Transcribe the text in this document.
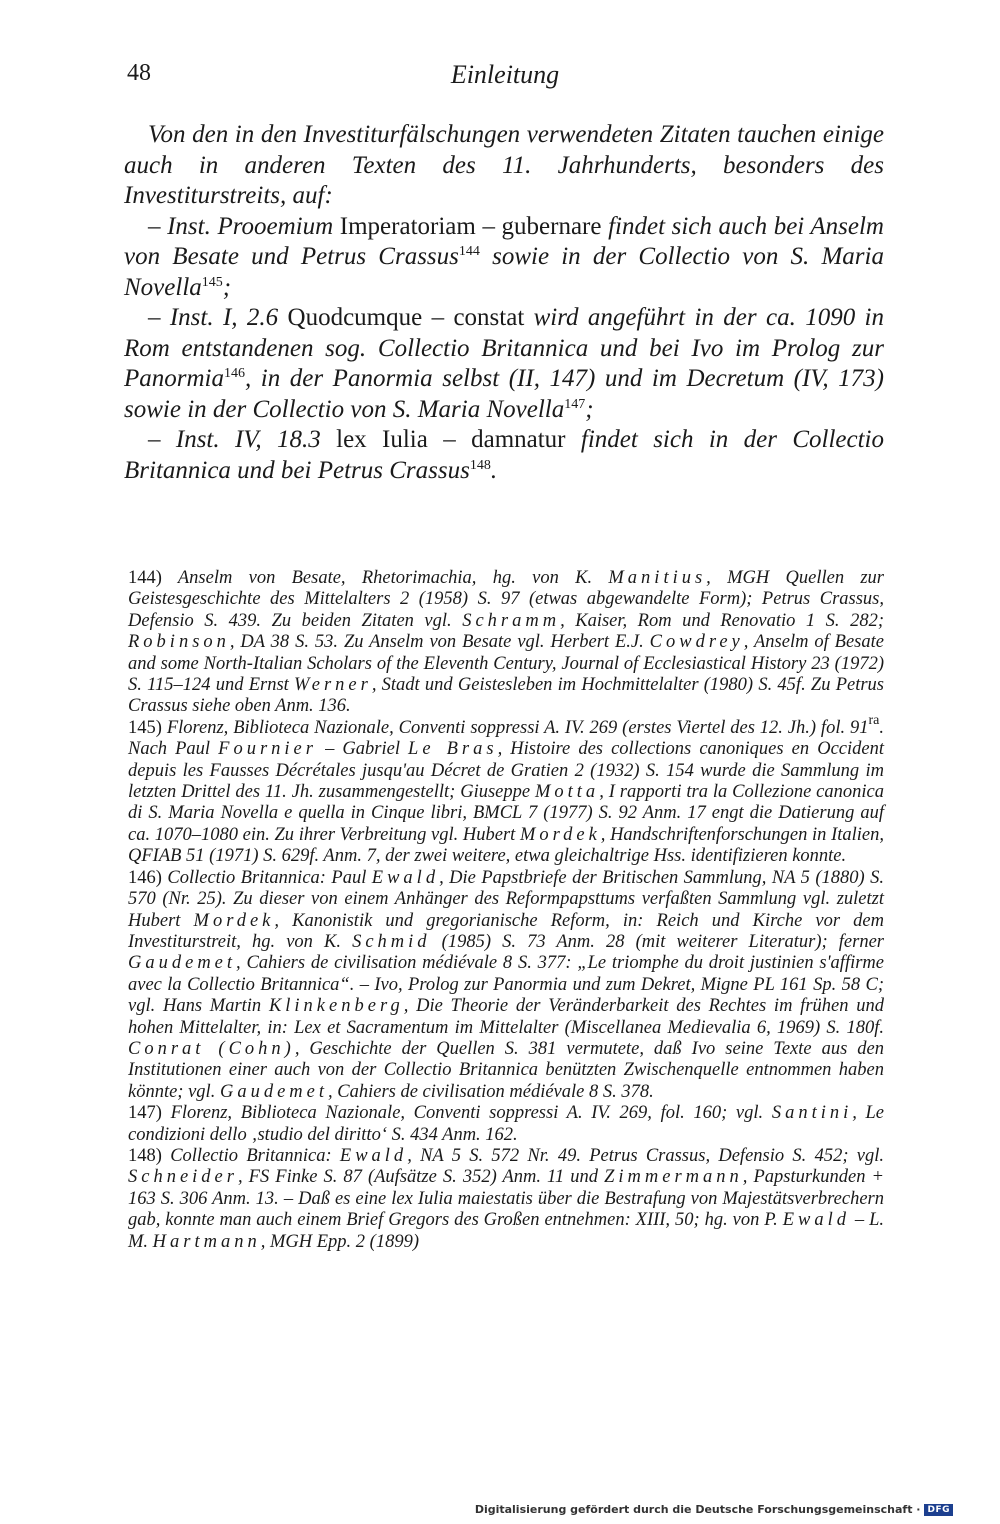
48	Einleitung

Von den in den Investiturfälschungen verwendeten Zitaten tauchen einige auch in anderen Texten des 11. Jahrhunderts, besonders des Investiturstreits, auf:

– Inst. Prooemium Imperatoriam – gubernare findet sich auch bei Anselm von Besate und Petrus Crassus$^{144}$ sowie in der Collectio von S. Maria Novella$^{145}$;

– Inst. I, 2.6 Quodcumque – constat wird angeführt in der ca. 1090 in Rom entstandenen sog. Collectio Britannica und bei Ivo im Prolog zur Panormia$^{146}$, in der Panormia selbst (II, 147) und im Decretum (IV, 173) sowie in der Collectio von S. Maria Novella$^{147}$;

– Inst. IV, 18.3 lex Iulia – damnatur findet sich in der Collectio Britannica und bei Petrus Crassus$^{148}$.

144) Anselm von Besate, Rhetorimachia, hg. von K. Manitius, MGH Quellen zur Geistesgeschichte des Mittelalters 2 (1958) S. 97 (etwas abgewandelte Form); Petrus Crassus, Defensio S. 439. Zu beiden Zitaten vgl. Schramm, Kaiser, Rom und Renovatio 1 S. 282; Robinson, DA 38 S. 53. Zu Anselm von Besate vgl. Herbert E.J. Cowdrey, Anselm of Besate and some North-Italian Scholars of the Eleventh Century, Journal of Ecclesiastical History 23 (1972) S. 115–124 und Ernst Werner, Stadt und Geistesleben im Hochmittelalter (1980) S. 45f. Zu Petrus Crassus siehe oben Anm. 136.

145) Florenz, Biblioteca Nazionale, Conventi soppressi A. IV. 269 (erstes Viertel des 12. Jh.) fol. $91^{ra}$. Nach Paul Fournier – Gabriel Le Bras, Histoire des collections canoniques en Occident depuis les Fausses Décrétales jusqu'au Décret de Gratien 2 (1932) S. 154 wurde die Sammlung im letzten Drittel des 11. Jh. zusammengestellt; Giuseppe Motta, I rapporti tra la Collezione canonica di S. Maria Novella e quella in Cinque libri, BMCL 7 (1977) S. 92 Anm. 17 engt die Datierung auf ca. 1070–1080 ein. Zu ihrer Verbreitung vgl. Hubert Mordek, Handschriftenforschungen in Italien, QFIAB 51 (1971) S. 629f. Anm. 7, der zwei weitere, etwa gleichaltrige Hss. identifizieren konnte.

146) Collectio Britannica: Paul Ewald, Die Papstbriefe der Britischen Sammlung, NA 5 (1880) S. 570 (Nr. 25). Zu dieser von einem Anhänger des Reformpapsttums verfaßten Sammlung vgl. zuletzt Hubert Mordek, Kanonistik und gregorianische Reform, in: Reich und Kirche vor dem Investiturstreit, hg. von K. Schmid (1985) S. 73 Anm. 28 (mit weiterer Literatur); ferner Gaudemet, Cahiers de civilisation médiévale 8 S. 377: „Le triomphe du droit justinien s'affirme avec la Collectio Britannica“. – Ivo, Prolog zur Panormia und zum Dekret, Migne PL 161 Sp. 58 C; vgl. Hans Martin Klinkenberg, Die Theorie der Veränderbarkeit des Rechtes im frühen und hohen Mittelalter, in: Lex et Sacramentum im Mittelalter (Miscellanea Medievalia 6, 1969) S. 180f. Conrat (Cohn), Geschichte der Quellen S. 381 vermutete, daß Ivo seine Texte aus den Institutionen einer auch von der Collectio Britannica benützten Zwischenquelle entnommen haben könnte; vgl. Gaudemet, Cahiers de civilisation médiévale 8 S. 378.

147) Florenz, Biblioteca Nazionale, Conventi soppressi A. IV. 269, fol. 160; vgl. Santini, Le condizioni dello ‚studio del diritto‘ S. 434 Anm. 162.

148) Collectio Britannica: Ewald, NA 5 S. 572 Nr. 49. Petrus Crassus, Defensio S. 452; vgl. Schneider, FS Finke S. 87 (Aufsätze S. 352) Anm. 11 und Zimmermann, Papsturkunden + 163 S. 306 Anm. 13. – Daß es eine lex Iulia maiestatis über die Bestrafung von Majestätsverbrechern gab, konnte man auch einem Brief Gregors des Großen entnehmen: XIII, 50; hg. von P. Ewald – L. M. Hartmann, MGH Epp. 2 (1899)

Digitalisierung gefördert durch die Deutsche Forschungsgemeinschaft · DFG
